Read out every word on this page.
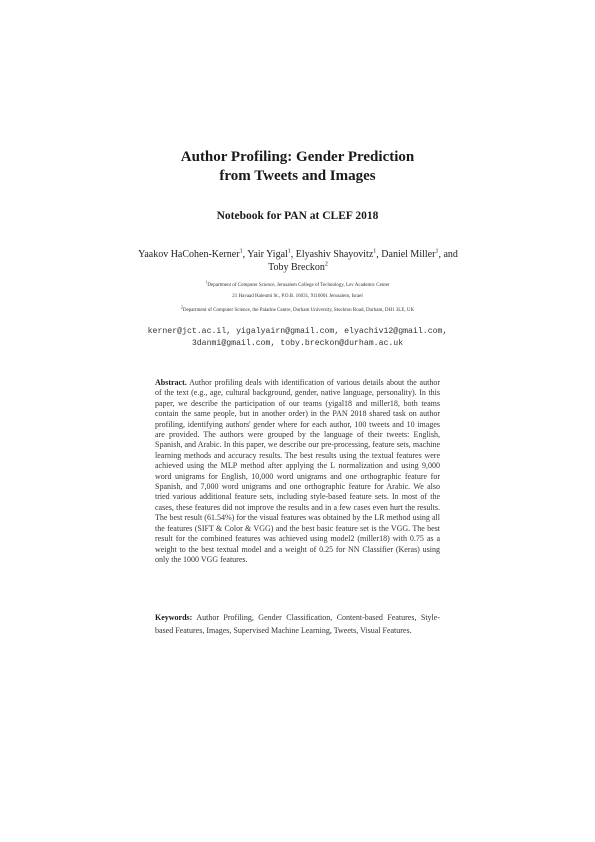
Author Profiling: Gender Prediction
from Tweets and Images
Notebook for PAN at CLEF 2018
Yaakov HaCohen-Kerner$^1$, Yair Yigal$^1$, Elyashiv Shayovitz$^1$, Daniel Miller$^1$, and
Toby Breckon$^2$
$^1$Department of Computer Science, Jerusalem College of Technology, Lev Academic Center
21 Havaad Haleumi St., P.O.B. 16031, 9116001 Jerusalem, Israel
$^2$Department of Computer Science, the Palatine Centre, Durham University, Stockton Road, Durham, DH1 3LE, UK
kerner@jct.ac.il, yigalyairn@gmail.com, elyachiv12@gmail.com,
3danmi@gmail.com, toby.breckon@durham.ac.uk
Abstract. Author profiling deals with identification of various details about the author of the text (e.g., age, cultural background, gender, native language, personality). In this paper, we describe the participation of our teams (yigal18 and miller18, both teams contain the same people, but in another order) in the PAN 2018 shared task on author profiling, identifying authors' gender where for each author, 100 tweets and 10 images are provided. The authors were grouped by the language of their tweets: English, Spanish, and Arabic. In this paper, we describe our pre-processing, feature sets, machine learning methods and accuracy results. The best results using the textual features were achieved using the MLP method after applying the L normalization and using 9,000 word unigrams for English, 10,000 word unigrams and one orthographic feature for Spanish, and 7,000 word unigrams and one orthographic feature for Arabic. We also tried various additional feature sets, including style-based feature sets. In most of the cases, these features did not improve the results and in a few cases even hurt the results. The best result (61.54%) for the visual features was obtained by the LR method using all the features (SIFT & Color & VGG) and the best basic feature set is the VGG. The best result for the combined features was achieved using model2 (miller18) with 0.75 as a weight to the best textual model and a weight of 0.25 for NN Classifier (Keras) using only the 1000 VGG features.
Keywords: Author Profiling, Gender Classification, Content-based Features, Style-based Features, Images, Supervised Machine Learning, Tweets, Visual Features.
